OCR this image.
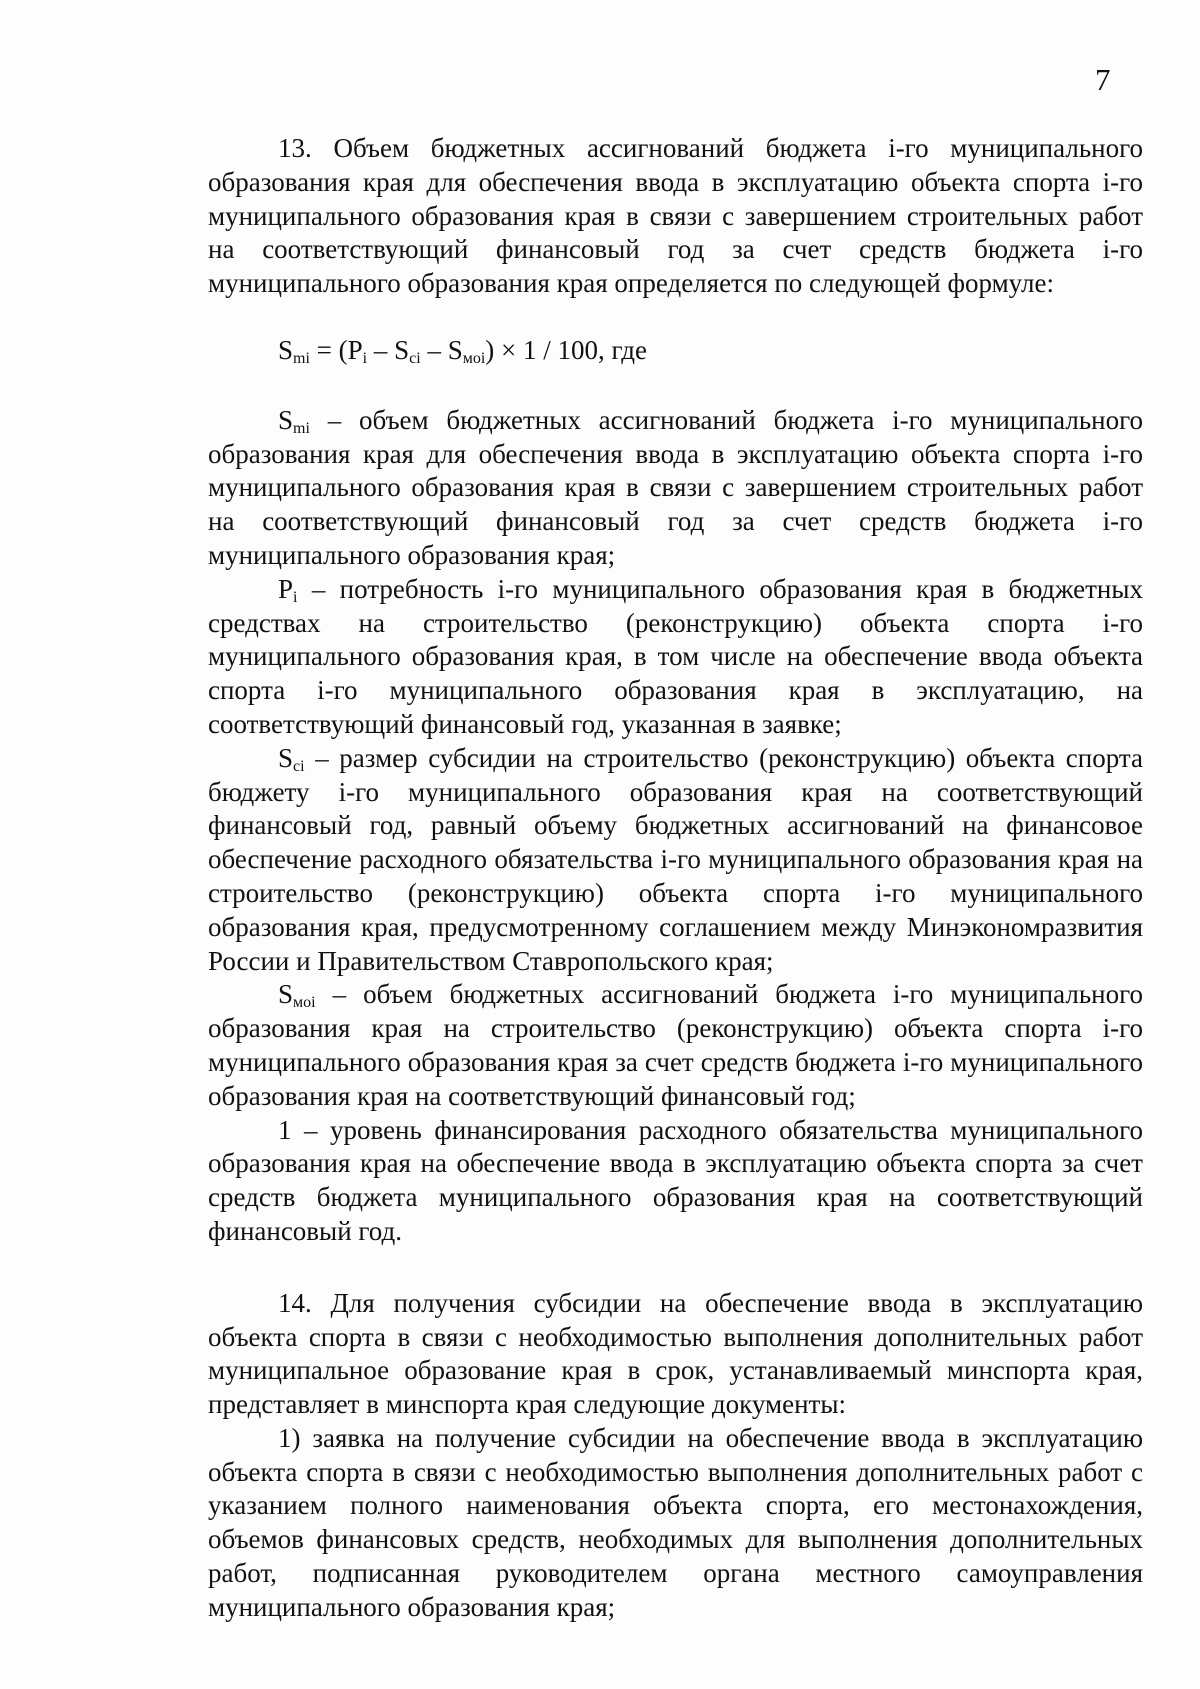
7

13. Объем бюджетных ассигнований бюджета i-го муниципального образования края для обеспечения ввода в эксплуатацию объекта спорта i-го муниципального образования края в связи с завершением строительных работ на соответствующий финансовый год за счет средств бюджета i-го муниципального образования края определяется по следующей формуле:

$S_{mi} = (P_i - S_{ci} - S_{моi}) \times 1 / 100$, где

$S_{mi}$ – объем бюджетных ассигнований бюджета i-го муниципального образования края для обеспечения ввода в эксплуатацию объекта спорта i-го муниципального образования края в связи с завершением строительных работ на соответствующий финансовый год за счет средств бюджета i-го муниципального образования края;

$P_i$ – потребность i-го муниципального образования края в бюджетных средствах на строительство (реконструкцию) объекта спорта i-го муниципального образования края, в том числе на обеспечение ввода объекта спорта i-го муниципального образования края в эксплуатацию, на соответствующий финансовый год, указанная в заявке;

$S_{ci}$ – размер субсидии на строительство (реконструкцию) объекта спорта бюджету i-го муниципального образования края на соответствующий финансовый год, равный объему бюджетных ассигнований на финансовое обеспечение расходного обязательства i-го муниципального образования края на строительство (реконструкцию) объекта спорта i-го муниципального образования края, предусмотренному соглашением между Минэкономразвития России и Правительством Ставропольского края;

$S_{моi}$ – объем бюджетных ассигнований бюджета i-го муниципального образования края на строительство (реконструкцию) объекта спорта i-го муниципального образования края за счет средств бюджета i-го муниципального образования края на соответствующий финансовый год;

1 – уровень финансирования расходного обязательства муниципального образования края на обеспечение ввода в эксплуатацию объекта спорта за счет средств бюджета муниципального образования края на соответствующий финансовый год.

14. Для получения субсидии на обеспечение ввода в эксплуатацию объекта спорта в связи с необходимостью выполнения дополнительных работ муниципальное образование края в срок, устанавливаемый минспорта края, представляет в минспорта края следующие документы:

1) заявка на получение субсидии на обеспечение ввода в эксплуатацию объекта спорта в связи с необходимостью выполнения дополнительных работ с указанием полного наименования объекта спорта, его местонахождения, объемов финансовых средств, необходимых для выполнения дополнительных работ, подписанная руководителем органа местного самоуправления муниципального образования края;
